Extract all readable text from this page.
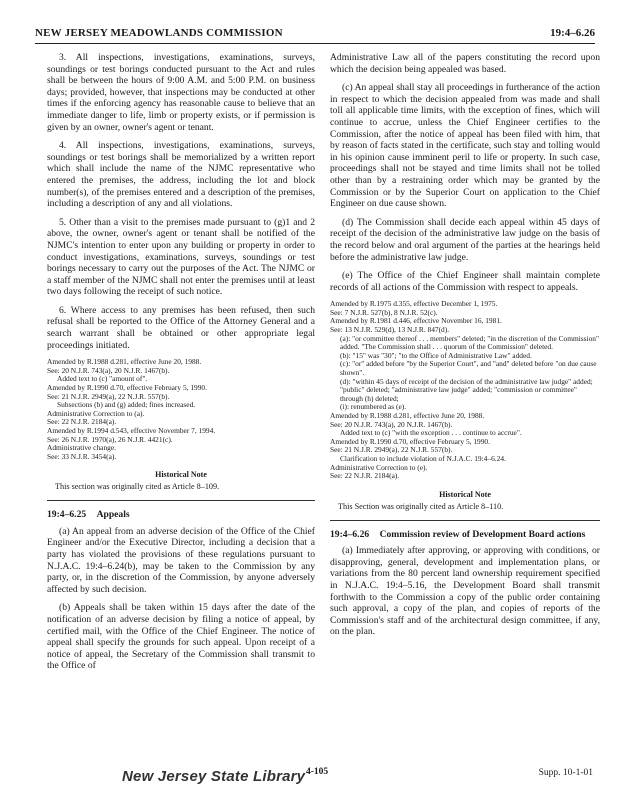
NEW JERSEY MEADOWLANDS COMMISSION	19:4–6.26

3. All inspections, investigations, examinations, surveys, soundings or test borings conducted pursuant to the Act and rules shall be between the hours of 9:00 A.M. and 5:00 P.M. on business days; provided, however, that inspections may be conducted at other times if the enforcing agency has reasonable cause to believe that an immediate danger to life, limb or property exists, or if permission is given by an owner, owner's agent or tenant.

4. All inspections, investigations, examinations, surveys, soundings or test borings shall be memorialized by a written report which shall include the name of the NJMC representative who entered the premises, the address, including the lot and block number(s), of the premises entered and a description of the premises, including a description of any and all violations.

5. Other than a visit to the premises made pursuant to (g)1 and 2 above, the owner, owner's agent or tenant shall be notified of the NJMC's intention to enter upon any building or property in order to conduct investigations, examinations, surveys, soundings or test borings necessary to carry out the purposes of the Act. The NJMC or a staff member of the NJMC shall not enter the premises until at least two days following the receipt of such notice.

6. Where access to any premises has been refused, then such refusal shall be reported to the Office of the Attorney General and a search warrant shall be obtained or other appropriate legal proceedings initiated.

Amended by R.1988 d.281, effective June 20, 1988.
See: 20 N.J.R. 743(a), 20 N.J.R. 1467(b).

Added text to (c) "amount of".
Amended by R.1990 d.70, effective February 5, 1990.
See: 21 N.J.R. 2949(a), 22 N.J.R. 557(b).

Subsections (b) and (g) added; fines increased.
Administrative Correction to (a).
See: 22 N.J.R. 2184(a).
Amended by R.1994 d.543, effective November 7, 1994.
See: 26 N.J.R. 1970(a), 26 N.J.R. 4421(c).
Administrative change.
See: 33 N.J.R. 3454(a).
Historical Note

This section was originally cited as Article 8–109.

19:4–6.25 Appeals

(a) An appeal from an adverse decision of the Office of the Chief Engineer and/or the Executive Director, including a decision that a party has violated the provisions of these regulations pursuant to N.J.A.C. 19:4–6.24(b), may be taken to the Commission by any party, or, in the discretion of the Commission, by anyone adversely affected by such decision.

(b) Appeals shall be taken within 15 days after the date of the notification of an adverse decision by filing a notice of appeal, by certified mail, with the Office of the Chief Engineer. The notice of appeal shall specify the grounds for such appeal. Upon receipt of a notice of appeal, the Secretary of the Commission shall transmit to the Office of

Administrative Law all of the papers constituting the record upon which the decision being appealed was based.

(c) An appeal shall stay all proceedings in furtherance of the action in respect to which the decision appealed from was made and shall toll all applicable time limits, with the exception of fines, which will continue to accrue, unless the Chief Engineer certifies to the Commission, after the notice of appeal has been filed with him, that by reason of facts stated in the certificate, such stay and tolling would in his opinion cause imminent peril to life or property. In such case, proceedings shall not be stayed and time limits shall not be tolled other than by a restraining order which may be granted by the Commission or by the Superior Court on application to the Chief Engineer on due cause shown.

(d) The Commission shall decide each appeal within 45 days of receipt of the decision of the administrative law judge on the basis of the record below and oral argument of the parties at the hearings held before the administrative law judge.

(e) The Office of the Chief Engineer shall maintain complete records of all actions of the Commission with respect to appeals.

Amended by R.1975 d.355, effective December 1, 1975.
See: 7 N.J.R. 527(b), 8 N.J.R. 52(c).
Amended by R.1981 d.446, effective November 16, 1981.
See: 13 N.J.R. 529(d), 13 N.J.R. 847(d).
(a): "or committee thereof . . . members" deleted; "in the discretion of the Commission" added. "The Commission shall . . . quorum of the Commission" deleted.
(b): "15" was "30"; "to the Office of Administrative Law" added.
(c): "or" added before "by the Superior Court", and "and" deleted before "on due cause shown".
(d): "within 45 days of receipt of the decision of the administrative law judge" added; "public" deleted; "administrative law judge" added; "commission or committee" through (h) deleted;
(i): renumbered as (e).
Amended by R.1988 d.281, effective June 20, 1988.
See: 20 N.J.R. 743(a), 20 N.J.R. 1467(b).
Added text to (c) "with the exception . . . continue to accrue".
Amended by R.1990 d.70, effective February 5, 1990.
See: 21 N.J.R. 2949(a), 22 N.J.R. 557(b).
Clarification to include violation of N.J.A.C. 19:4–6.24.
Administrative Correction to (e).
See: 22 N.J.R. 2184(a).
Historical Note

This Section was originally cited as Article 8–110.

19:4–6.26 Commission review of Development Board actions

(a) Immediately after approving, or approving with conditions, or disapproving, general, development and implementation plans, or variations from the 80 percent land ownership requirement specified in N.J.A.C. 19:4–5.16, the Development Board shall transmit forthwith to the Commission a copy of the public order containing such approval, a copy of the plan, and copies of reports of the Commission's staff and of the architectural design committee, if any, on the plan.

New Jersey State Library 4-105	Supp. 10-1-01
